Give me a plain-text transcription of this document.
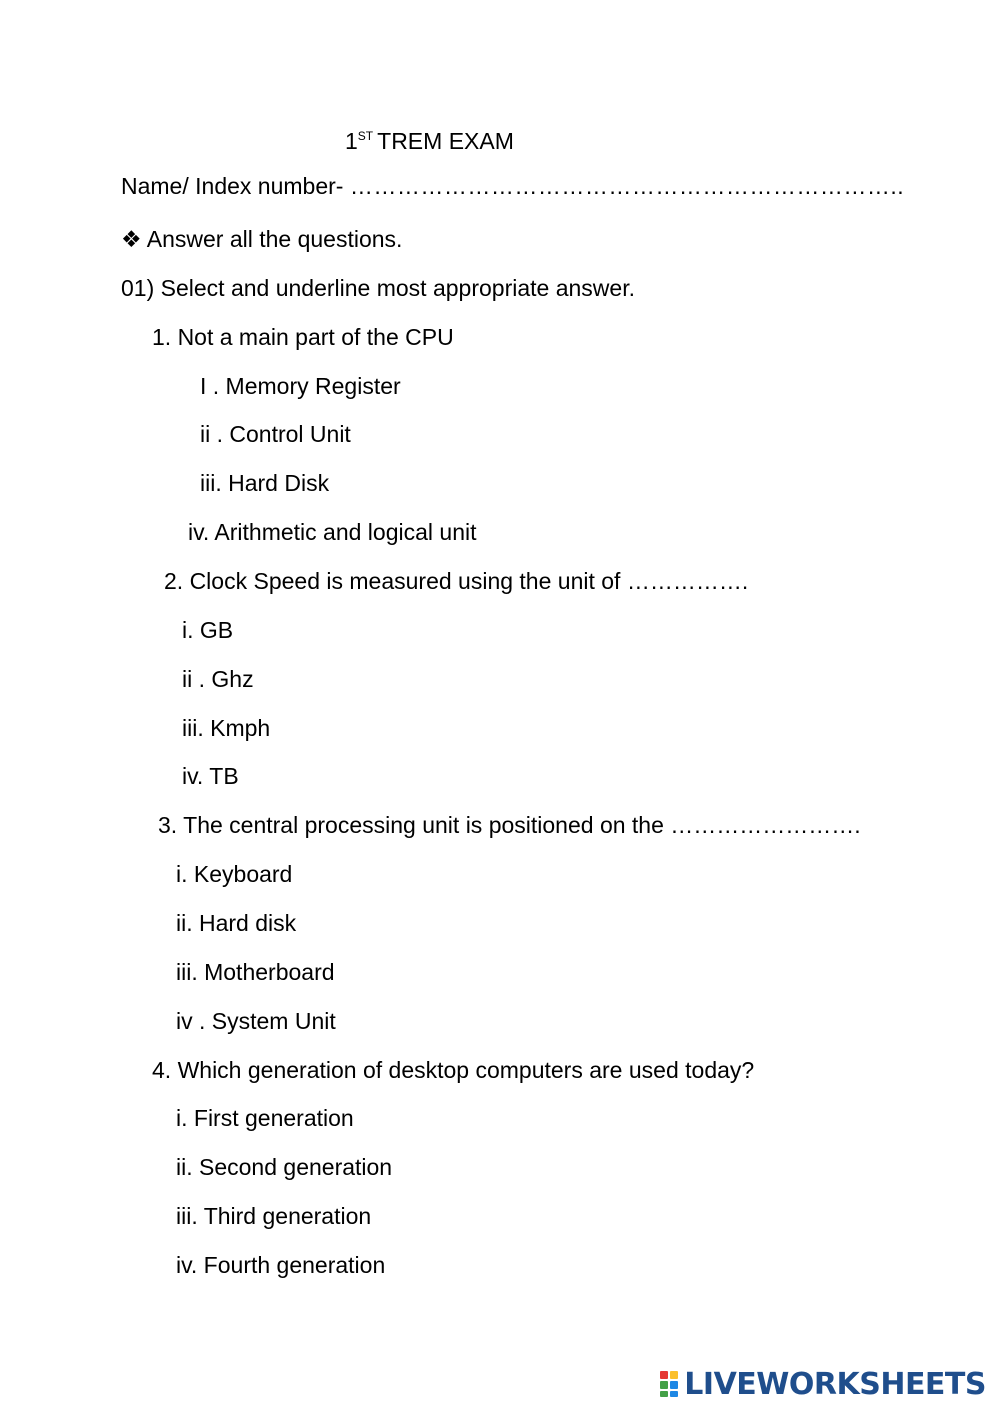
1ST TREM EXAM
Name/ Index number- ……………………………………………………………..
❖ Answer all the questions.
01) Select and underline most appropriate answer.
1. Not a main part of the CPU
I . Memory Register
ii . Control Unit
iii. Hard Disk
iv. Arithmetic and logical unit
2. Clock Speed is measured using the unit of …………….
i. GB
ii . Ghz
iii. Kmph
iv. TB
3. The central processing unit is positioned on the …………………….
i. Keyboard
ii. Hard disk
iii. Motherboard
iv . System Unit
4. Which generation of desktop computers are used today?
i. First generation
ii. Second generation
iii. Third generation
iv. Fourth generation
LIVEWORKSHEETS
